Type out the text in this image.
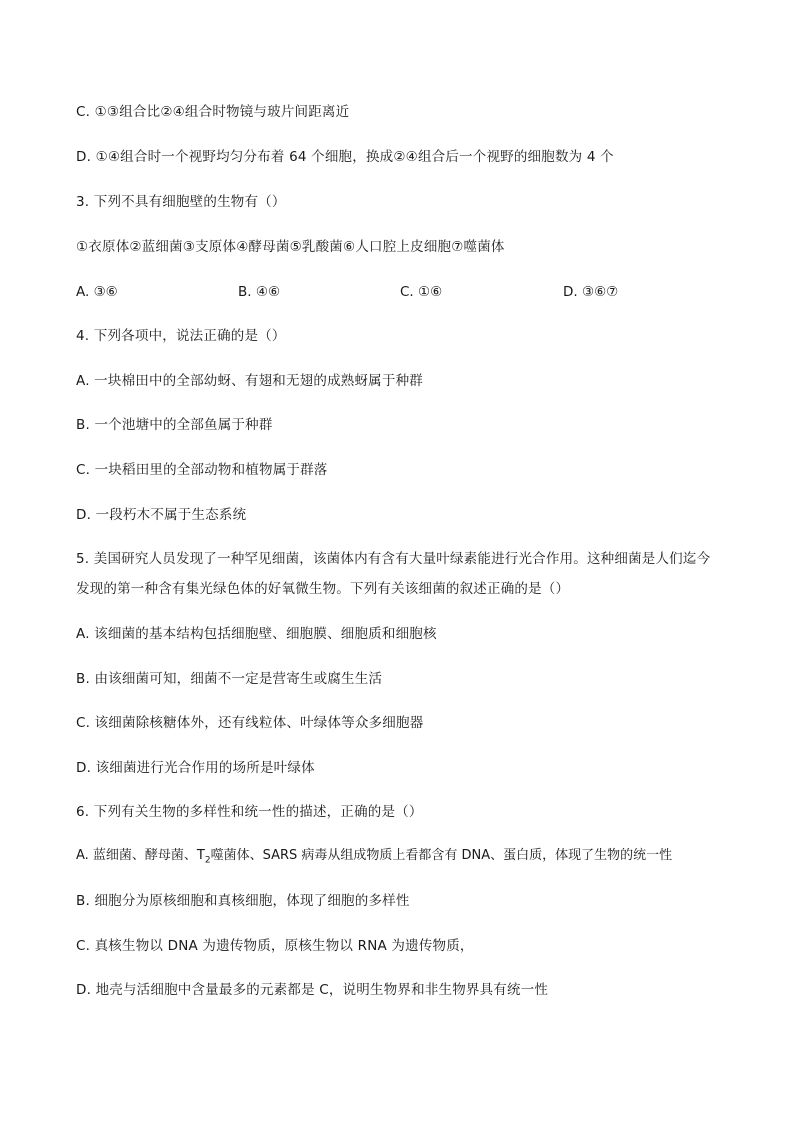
C. ①③组合比②④组合时物镜与玻片间距离近
D. ①④组合时一个视野均匀分布着 64 个细胞，换成②④组合后一个视野的细胞数为 4 个
3. 下列不具有细胞壁的生物有（）
①衣原体②蓝细菌③支原体④酵母菌⑤乳酸菌⑥人口腔上皮细胞⑦噬菌体
A. ③⑥	B. ④⑥	C. ①⑥	D. ③⑥⑦
4. 下列各项中，说法正确的是（）
A. 一块棉田中的全部幼蚜、有翅和无翅的成熟蚜属于种群
B. 一个池塘中的全部鱼属于种群
C. 一块稻田里的全部动物和植物属于群落
D. 一段朽木不属于生态系统
5. 美国研究人员发现了一种罕见细菌，该菌体内有含有大量叶绿素能进行光合作用。这种细菌是人们迄今
发现的第一种含有集光绿色体的好氧微生物。下列有关该细菌的叙述正确的是（）
A. 该细菌的基本结构包括细胞壁、细胞膜、细胞质和细胞核
B. 由该细菌可知，细菌不一定是营寄生或腐生生活
C. 该细菌除核糖体外，还有线粒体、叶绿体等众多细胞器
D. 该细菌进行光合作用的场所是叶绿体
6. 下列有关生物的多样性和统一性的描述，正确的是（）
A. 蓝细菌、酵母菌、$T_2$噬菌体、SARS 病毒从组成物质上看都含有 DNA、蛋白质，体现了生物的统一性
B. 细胞分为原核细胞和真核细胞，体现了细胞的多样性
C. 真核生物以 DNA 为遗传物质，原核生物以 RNA 为遗传物质，
D. 地壳与活细胞中含量最多的元素都是 C，说明生物界和非生物界具有统一性
